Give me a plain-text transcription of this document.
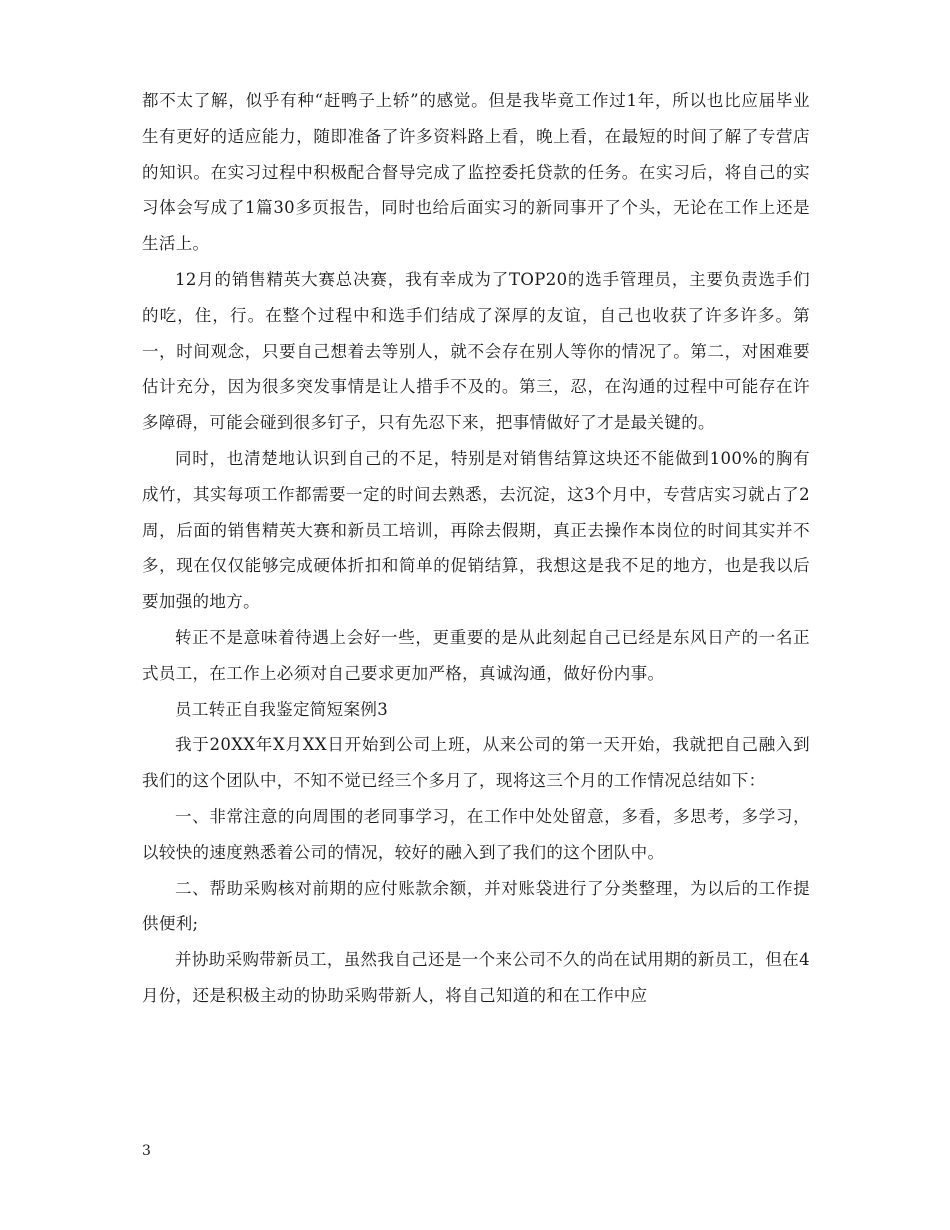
都不太了解，似乎有种“赶鸭子上轿”的感觉。但是我毕竟工作过1年，所以也比应届毕业生有更好的适应能力，随即准备了许多资料路上看，晚上看，在最短的时间了解了专营店的知识。在实习过程中积极配合督导完成了监控委托贷款的任务。在实习后，将自己的实习体会写成了1篇30多页报告，同时也给后面实习的新同事开了个头，无论在工作上还是生活上。

12月的销售精英大赛总决赛，我有幸成为了TOP20的选手管理员，主要负责选手们的吃，住，行。在整个过程中和选手们结成了深厚的友谊，自己也收获了许多许多。第一，时间观念，只要自己想着去等别人，就不会存在别人等你的情况了。第二，对困难要估计充分，因为很多突发事情是让人措手不及的。第三，忍，在沟通的过程中可能存在许多障碍，可能会碰到很多钉子，只有先忍下来，把事情做好了才是最关键的。

同时，也清楚地认识到自己的不足，特别是对销售结算这块还不能做到100%的胸有成竹，其实每项工作都需要一定的时间去熟悉，去沉淀，这3个月中，专营店实习就占了2周，后面的销售精英大赛和新员工培训，再除去假期，真正去操作本岗位的时间其实并不多，现在仅仅能够完成硬体折扣和简单的促销结算，我想这是我不足的地方，也是我以后要加强的地方。

转正不是意味着待遇上会好一些，更重要的是从此刻起自己已经是东风日产的一名正式员工，在工作上必须对自己要求更加严格，真诚沟通，做好份内事。

员工转正自我鉴定简短案例3

我于20XX年X月XX日开始到公司上班，从来公司的第一天开始，我就把自己融入到我们的这个团队中，不知不觉已经三个多月了，现将这三个月的工作情况总结如下：

一、非常注意的向周围的老同事学习，在工作中处处留意，多看，多思考，多学习，以较快的速度熟悉着公司的情况，较好的融入到了我们的这个团队中。

二、帮助采购核对前期的应付账款余额，并对账袋进行了分类整理，为以后的工作提供便利;

并协助采购带新员工，虽然我自己还是一个来公司不久的尚在试用期的新员工，但在4月份，还是积极主动的协助采购带新人，将自己知道的和在工作中应

3
